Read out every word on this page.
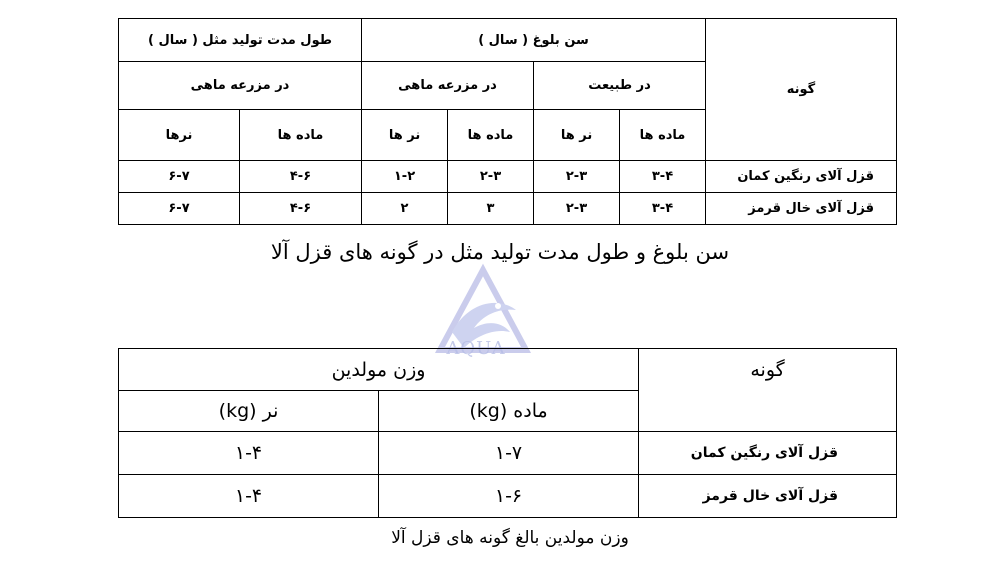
گونه	سن بلوغ ( سال )				طول مدت تولید مثل ( سال )	
	در طبیعت		در مزرعه ماهی		در مزرعه ماهی	
	ماده ها	نر ها	ماده ها	نر ها	ماده ها	نرها
قزل آلای رنگین کمان	۳-۴	۲-۳	۲-۳	۱-۲	۴-۶	۶-۷
قزل آلای خال قرمز	۳-۴	۲-۳	۳	۲	۴-۶	۶-۷
سن بلوغ و طول مدت تولید مثل در گونه های قزل آلا
AQUA
گونه	وزن مولدین	
	ماده (kg)	نر (kg)
قزل آلای رنگین کمان	۱-۷	۱-۴
قزل آلای خال قرمز	۱-۶	۱-۴
وزن مولدین بالغ گونه های قزل آلا
